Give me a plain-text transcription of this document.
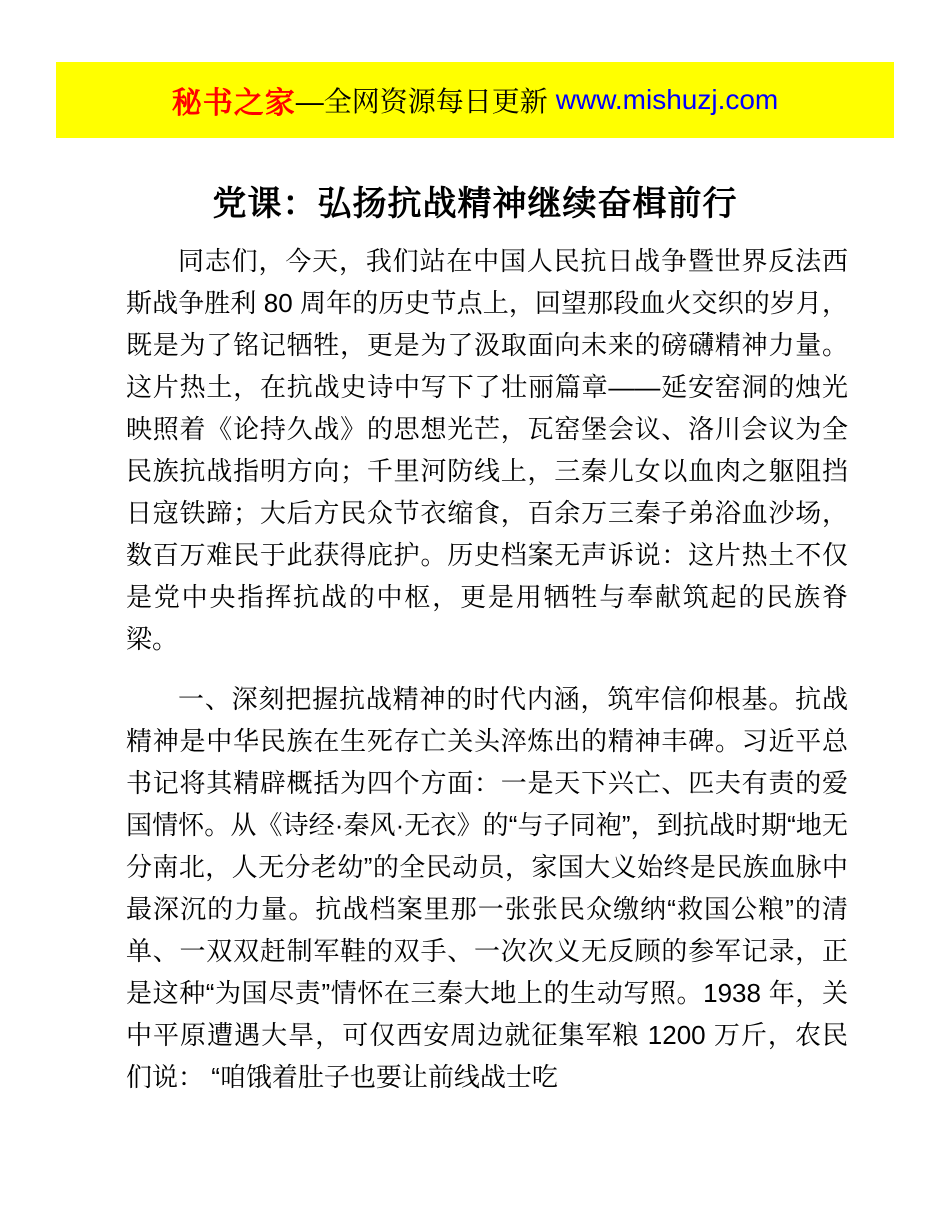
秘书之家 —全网资源每日更新 www.mishuzj.com
党课：弘扬抗战精神继续奋楫前行

同志们，今天，我们站在中国人民抗日战争暨世界反法西斯战争胜利 80 周年的历史节点上，回望那段血火交织的岁月，既是为了铭记牺牲，更是为了汲取面向未来的磅礴精神力量。这片热土，在抗战史诗中写下了壮丽篇章——延安窑洞的烛光映照着《论持久战》的思想光芒，瓦窑堡会议、洛川会议为全民族抗战指明方向；千里河防线上，三秦儿女以血肉之躯阻挡日寇铁蹄；大后方民众节衣缩食，百余万三秦子弟浴血沙场，数百万难民于此获得庇护。历史档案无声诉说：这片热土不仅是党中央指挥抗战的中枢，更是用牺牲与奉献筑起的民族脊梁。

一、深刻把握抗战精神的时代内涵，筑牢信仰根基。抗战精神是中华民族在生死存亡关头淬炼出的精神丰碑。习近平总书记将其精辟概括为四个方面：一是天下兴亡、匹夫有责的爱国情怀。从《诗经·秦风·无衣》的“与子同袍”，到抗战时期“地无分南北，人无分老幼”的全民动员，家国大义始终是民族血脉中最深沉的力量。抗战档案里那一张张民众缴纳“救国公粮”的清单、一双双赶制军鞋的双手、一次次义无反顾的参军记录，正是这种“为国尽责”情怀在三秦大地上的生动写照。1938 年，关中平原遭遇大旱，可仅西安周边就征集军粮 1200 万斤，农民们说： “咱饿着肚子也要让前线战士吃
